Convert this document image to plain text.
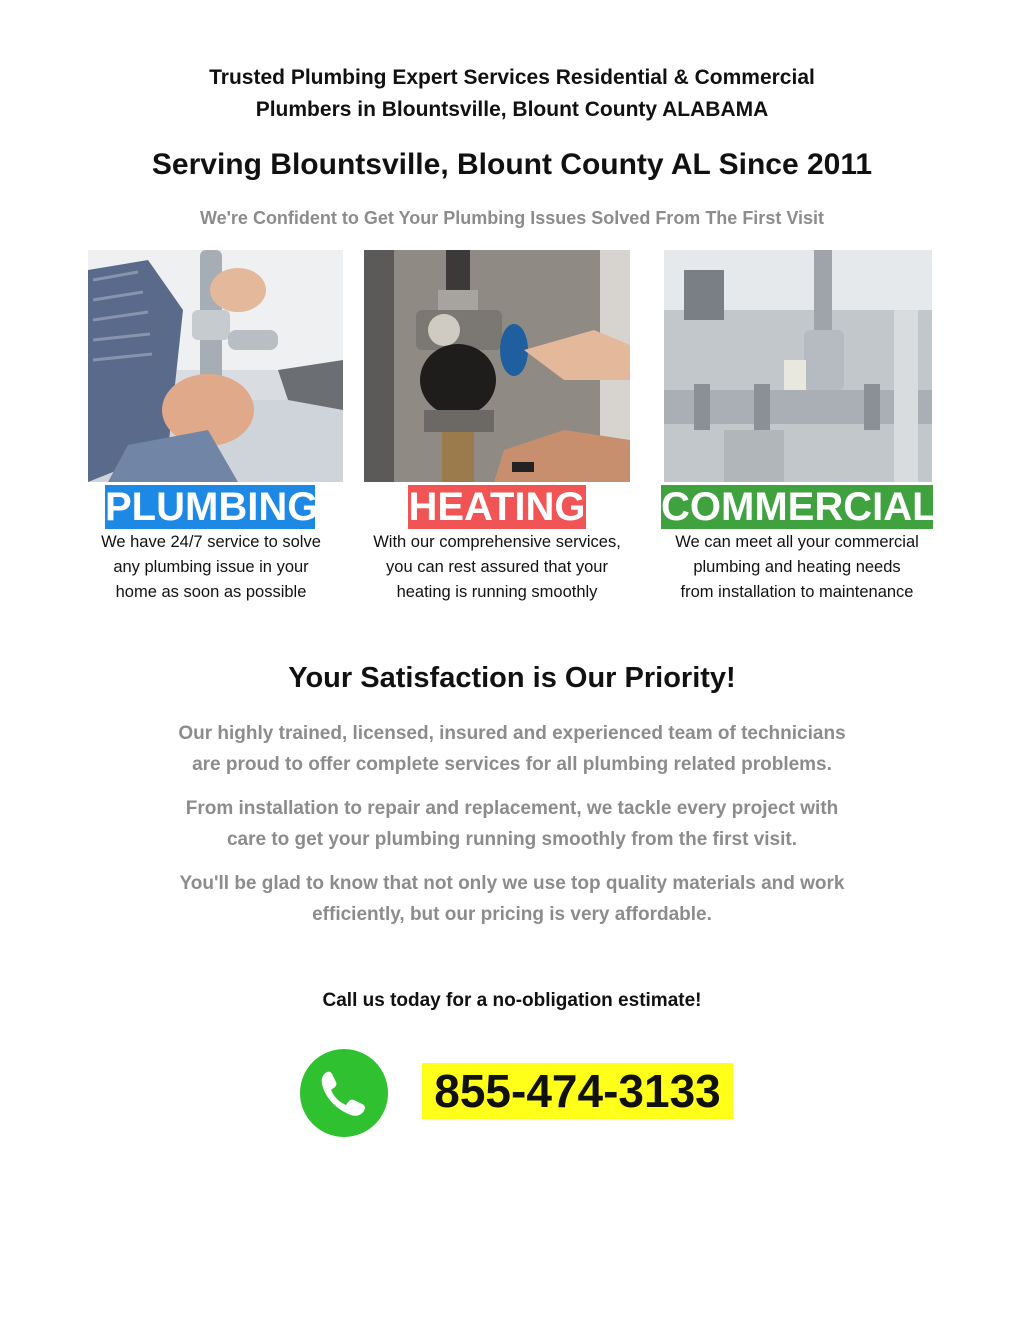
Trusted Plumbing Expert Services Residential & Commercial
Plumbers in Blountsville, Blount County ALABAMA
Serving Blountsville, Blount County AL Since 2011
We're Confident to Get Your Plumbing Issues Solved From The First Visit
PLUMBING
We have 24/7 service to solve
any plumbing issue in your
home as soon as possible
HEATING
With our comprehensive services,
you can rest assured that your
heating is running smoothly
COMMERCIAL
We can meet all your commercial
plumbing and heating needs
from installation to maintenance
Your Satisfaction is Our Priority!
Our highly trained, licensed, insured and experienced team of technicians
are proud to offer complete services for all plumbing related problems.
From installation to repair and replacement, we tackle every project with
care to get your plumbing running smoothly from the first visit.
You'll be glad to know that not only we use top quality materials and work
efficiently, but our pricing is very affordable.
Call us today for a no-obligation estimate!
855-474-3133
